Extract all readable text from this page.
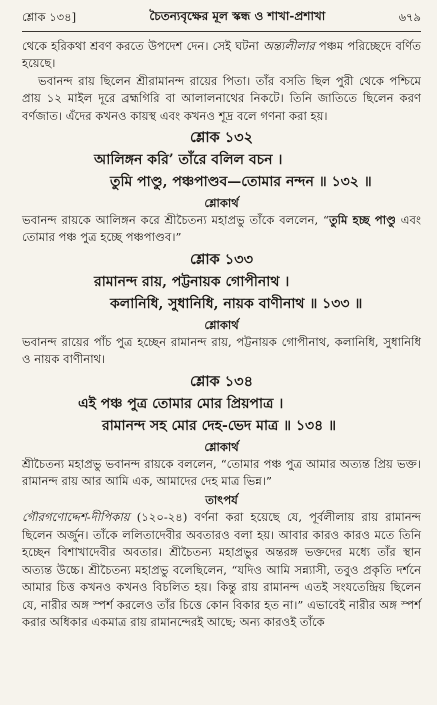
শ্লোক ১৩৪]	চৈতন্যবৃক্ষের মূল স্কন্ধ ও শাখা-প্রশাখা	৬৭৯

থেকে হরিকথা শ্রবণ করতে উপদেশ দেন। সেই ঘটনা অন্ত্যলীলার পঞ্চম পরিচ্ছেদে বর্ণিত হয়েছে।

ভবানন্দ রায় ছিলেন শ্রীরামানন্দ রায়ের পিতা। তাঁর বসতি ছিল পুরী থেকে পশ্চিমে প্রায় ১২ মাইল দূরে ব্রহ্মগিরি বা আলালনাথের নিকটে। তিনি জাতিতে ছিলেন করণ বর্ণজাত। এঁদের কখনও কায়স্থ এবং কখনও শূদ্র বলে গণনা করা হয়।

শ্লোক ১৩২
আলিঙ্গন করি’ তাঁরে বলিল বচন ।
তুমি পাণ্ডু, পঞ্চপাণ্ডব—তোমার নন্দন ॥ ১৩২ ॥
শ্লোকার্থ

ভবানন্দ রায়কে আলিঙ্গন করে শ্রীচৈতন্য মহাপ্রভু তাঁকে বললেন, “তুমি হচ্ছ পাণ্ডু এবং তোমার পঞ্চ পুত্র হচ্ছে পঞ্চপাণ্ডব।”

শ্লোক ১৩৩
রামানন্দ রায়, পট্টনায়ক গোপীনাথ ।
কলানিধি, সুধানিধি, নায়ক বাণীনাথ ॥ ১৩৩ ॥
শ্লোকার্থ

ভবানন্দ রায়ের পাঁচ পুত্র হচ্ছেন রামানন্দ রায়, পট্টনায়ক গোপীনাথ, কলানিধি, সুধানিধি ও নায়ক বাণীনাথ।

শ্লোক ১৩৪
এই পঞ্চ পুত্র তোমার মোর প্রিয়পাত্র ।
রামানন্দ সহ মোর দেহ-ভেদ মাত্র ॥ ১৩৪ ॥
শ্লোকার্থ

শ্রীচৈতন্য মহাপ্রভু ভবানন্দ রায়কে বললেন, “তোমার পঞ্চ পুত্র আমার অত্যন্ত প্রিয় ভক্ত। রামানন্দ রায় আর আমি এক, আমাদের দেহ মাত্র ভিন্ন।”

তাৎপর্য

গৌরগণোদ্দেশ-দীপিকায় (১২০-২৪) বর্ণনা করা হয়েছে যে, পূর্বলীলায় রায় রামানন্দ ছিলেন অর্জুন। তাঁকে ললিতাদেবীর অবতারও বলা হয়। আবার কারও কারও মতে তিনি হচ্ছেন বিশাখাদেবীর অবতার। শ্রীচৈতন্য মহাপ্রভুর অন্তরঙ্গ ভক্তদের মধ্যে তাঁর স্থান অত্যন্ত উচ্চে। শ্রীচৈতন্য মহাপ্রভু বলেছিলেন, “যদিও আমি সন্ন্যাসী, তবুও প্রকৃতি দর্শনে আমার চিত্ত কখনও কখনও বিচলিত হয়। কিন্তু রায় রামানন্দ এতই সংযতেন্দ্রিয় ছিলেন যে, নারীর অঙ্গ স্পর্শ করলেও তাঁর চিত্তে কোন বিকার হত না।” এভাবেই নারীর অঙ্গ স্পর্শ করার অধিকার একমাত্র রায় রামানন্দেরই আছে; অন্য কারওই তাঁকে
